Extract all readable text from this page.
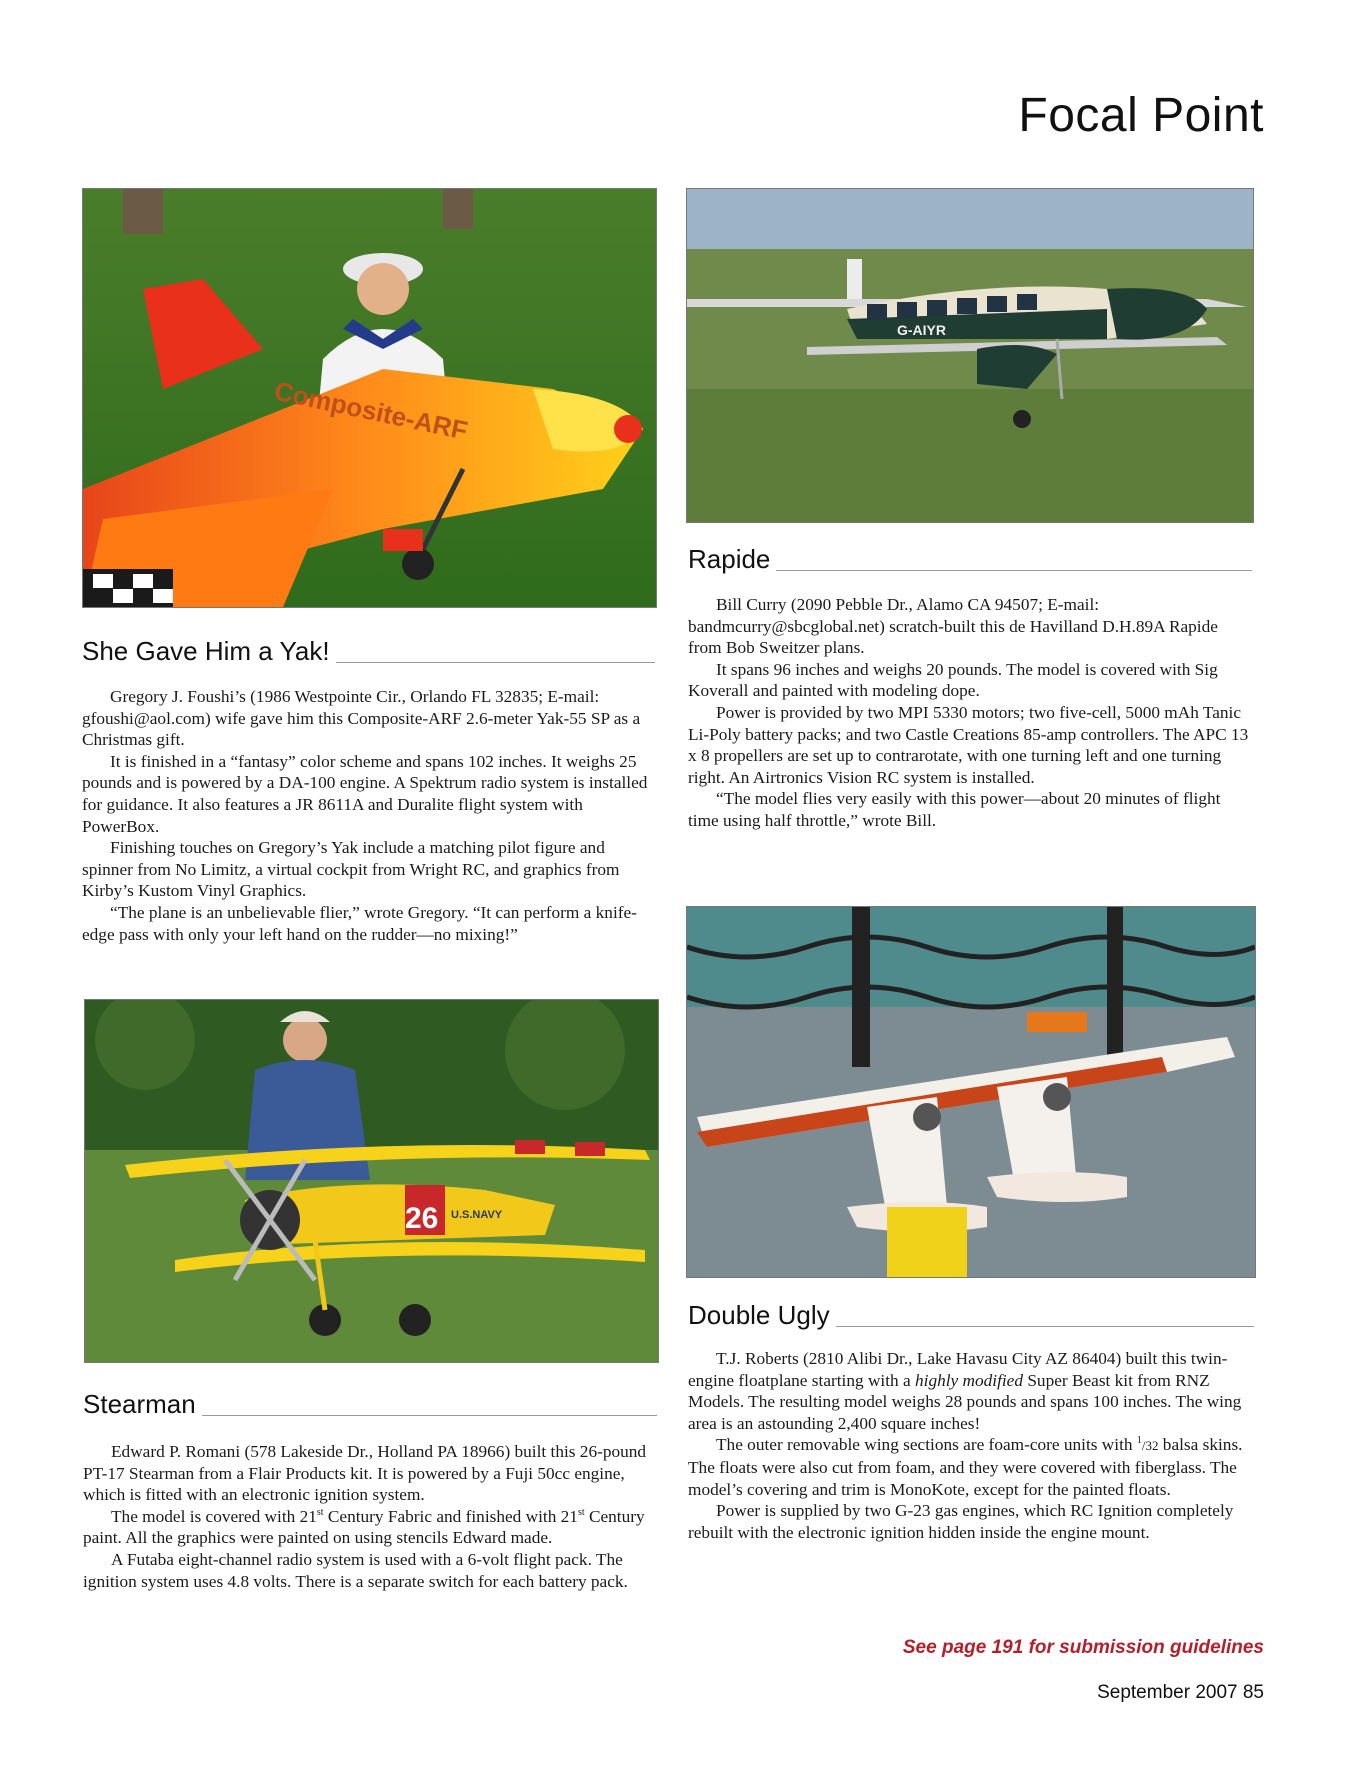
Focal Point
Composite-ARF
G-AIYR
26 U.S.NAVY
She Gave Him a Yak!
Rapide
Stearman
Double Ugly

Gregory J. Foushi’s (1986 Westpointe Cir., Orlando FL 32835; E-mail: gfoushi@aol.com) wife gave him this Composite-ARF 2.6-meter Yak-55 SP as a Christmas gift.

It is finished in a “fantasy” color scheme and spans 102 inches. It weighs 25 pounds and is powered by a DA-100 engine. A Spektrum radio system is installed for guidance. It also features a JR 8611A and Duralite flight system with PowerBox.

Finishing touches on Gregory’s Yak include a matching pilot figure and spinner from No Limitz, a virtual cockpit from Wright RC, and graphics from Kirby’s Kustom Vinyl Graphics.

“The plane is an unbelievable flier,” wrote Gregory. “It can perform a knife-edge pass with only your left hand on the rudder—no mixing!”

Bill Curry (2090 Pebble Dr., Alamo CA 94507; E-mail: bandmcurry@sbcglobal.net) scratch-built this de Havilland D.H.89A Rapide from Bob Sweitzer plans.

It spans 96 inches and weighs 20 pounds. The model is covered with Sig Koverall and painted with modeling dope.

Power is provided by two MPI 5330 motors; two five-cell, 5000 mAh Tanic Li-Poly battery packs; and two Castle Creations 85-amp controllers. The APC 13 x 8 propellers are set up to contrarotate, with one turning left and one turning right. An Airtronics Vision RC system is installed.

“The model flies very easily with this power—about 20 minutes of flight time using half throttle,” wrote Bill.

Edward P. Romani (578 Lakeside Dr., Holland PA 18966) built this 26-pound PT-17 Stearman from a Flair Products kit. It is powered by a Fuji 50cc engine, which is fitted with an electronic ignition system.

The model is covered with 21st Century Fabric and finished with 21st Century paint. All the graphics were painted on using stencils Edward made.

A Futaba eight-channel radio system is used with a 6-volt flight pack. The ignition system uses 4.8 volts. There is a separate switch for each battery pack.

T.J. Roberts (2810 Alibi Dr., Lake Havasu City AZ 86404) built this twin-engine floatplane starting with a highly modified Super Beast kit from RNZ Models. The resulting model weighs 28 pounds and spans 100 inches. The wing area is an astounding 2,400 square inches!

The outer removable wing sections are foam-core units with $^1$/32 balsa skins. The floats were also cut from foam, and they were covered with fiberglass. The model’s covering and trim is MonoKote, except for the painted floats.

Power is supplied by two G-23 gas engines, which RC Ignition completely rebuilt with the electronic ignition hidden inside the engine mount.

See page 191 for submission guidelines
September 2007 85
